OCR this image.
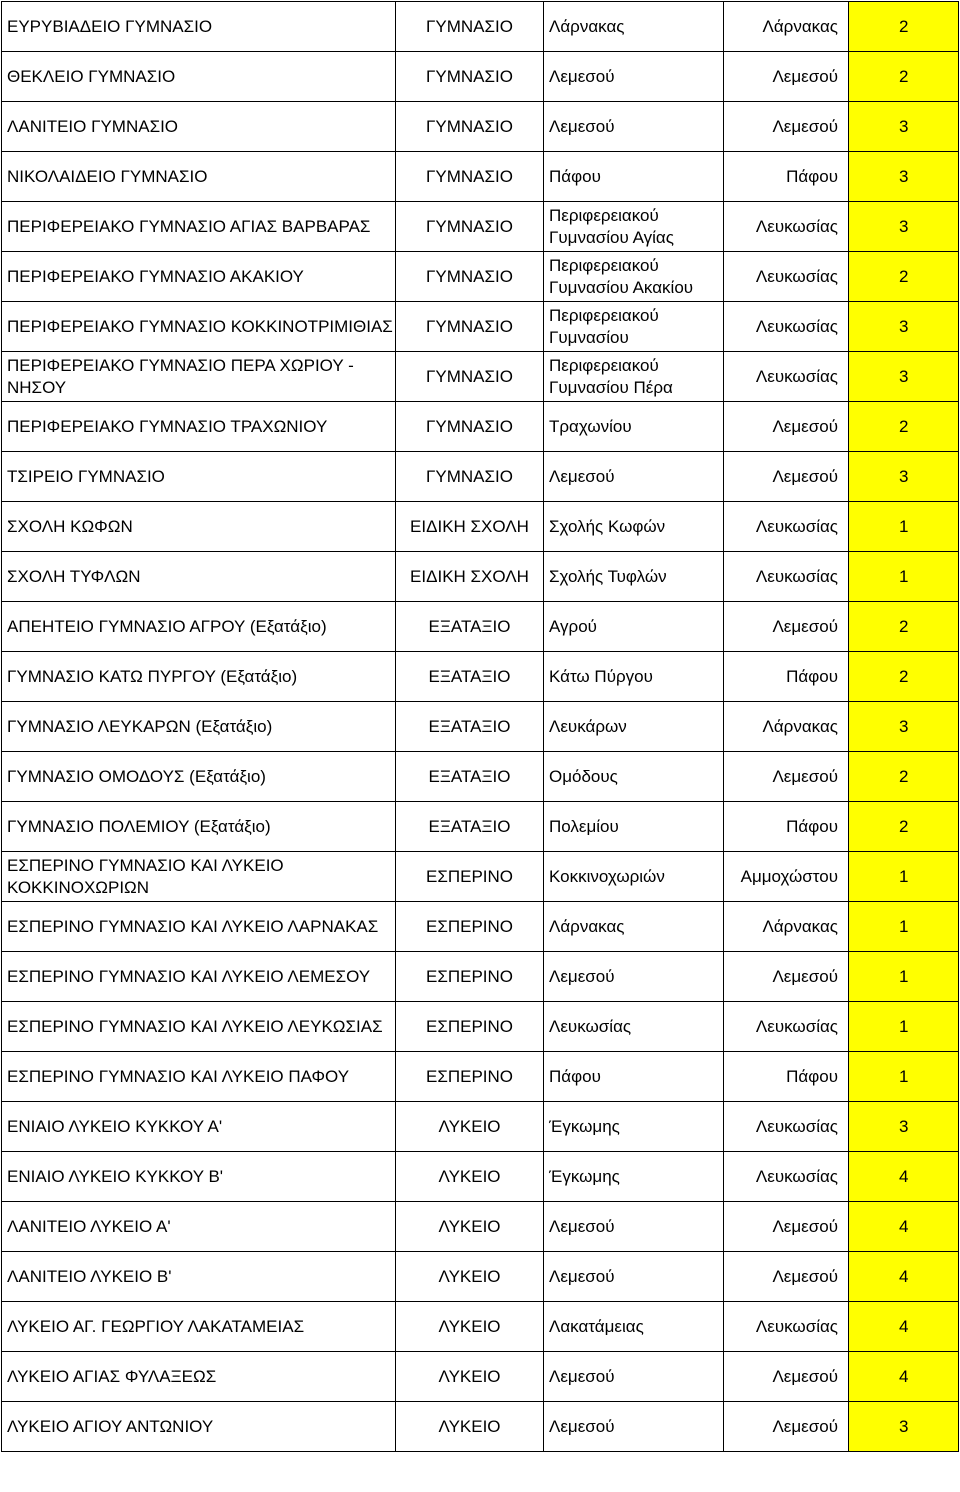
ΕΥΡΥΒΙΑΔΕΙΟ ΓΥΜΝΑΣΙΟ	ΓΥΜΝΑΣΙΟ	Λάρνακας	Λάρνακας	2
ΘΕΚΛΕΙΟ ΓΥΜΝΑΣΙΟ	ΓΥΜΝΑΣΙΟ	Λεμεσού	Λεμεσού	2
ΛΑΝΙΤΕΙΟ ΓΥΜΝΑΣΙΟ	ΓΥΜΝΑΣΙΟ	Λεμεσού	Λεμεσού	3
ΝΙΚΟΛΑΙΔΕΙΟ ΓΥΜΝΑΣΙΟ	ΓΥΜΝΑΣΙΟ	Πάφου	Πάφου	3
ΠΕΡΙΦΕΡΕΙΑΚΟ ΓΥΜΝΑΣΙΟ ΑΓΙΑΣ ΒΑΡΒΑΡΑΣ	ΓΥΜΝΑΣΙΟ	Περιφερειακού Γυμνασίου Αγίας	Λευκωσίας	3
ΠΕΡΙΦΕΡΕΙΑΚΟ ΓΥΜΝΑΣΙΟ ΑΚΑΚΙΟΥ	ΓΥΜΝΑΣΙΟ	Περιφερειακού Γυμνασίου Ακακίου	Λευκωσίας	2
ΠΕΡΙΦΕΡΕΙΑΚΟ ΓΥΜΝΑΣΙΟ ΚΟΚΚΙΝΟΤΡΙΜΙΘΙΑΣ	ΓΥΜΝΑΣΙΟ	Περιφερειακού Γυμνασίου	Λευκωσίας	3
ΠΕΡΙΦΕΡΕΙΑΚΟ ΓΥΜΝΑΣΙΟ ΠΕΡΑ ΧΩΡΙΟΥ - ΝΗΣΟΥ	ΓΥΜΝΑΣΙΟ	Περιφερειακού Γυμνασίου Πέρα	Λευκωσίας	3
ΠΕΡΙΦΕΡΕΙΑΚΟ ΓΥΜΝΑΣΙΟ ΤΡΑΧΩΝΙΟΥ	ΓΥΜΝΑΣΙΟ	Τραχωνίου	Λεμεσού	2
ΤΣΙΡΕΙΟ ΓΥΜΝΑΣΙΟ	ΓΥΜΝΑΣΙΟ	Λεμεσού	Λεμεσού	3
ΣΧΟΛΗ ΚΩΦΩΝ	ΕΙΔΙΚΗ ΣΧΟΛΗ	Σχολής Κωφών	Λευκωσίας	1
ΣΧΟΛΗ ΤΥΦΛΩΝ	ΕΙΔΙΚΗ ΣΧΟΛΗ	Σχολής Τυφλών	Λευκωσίας	1
ΑΠΕΗΤΕΙΟ ΓΥΜΝΑΣΙΟ ΑΓΡΟΥ (Εξατάξιο)	ΕΞΑΤΑΞΙΟ	Αγρού	Λεμεσού	2
ΓΥΜΝΑΣΙΟ ΚΑΤΩ ΠΥΡΓΟΥ (Εξατάξιο)	ΕΞΑΤΑΞΙΟ	Κάτω Πύργου	Πάφου	2
ΓΥΜΝΑΣΙΟ ΛΕΥΚΑΡΩΝ (Εξατάξιο)	ΕΞΑΤΑΞΙΟ	Λευκάρων	Λάρνακας	3
ΓΥΜΝΑΣΙΟ ΟΜΟΔΟΥΣ (Εξατάξιο)	ΕΞΑΤΑΞΙΟ	Ομόδους	Λεμεσού	2
ΓΥΜΝΑΣΙΟ ΠΟΛΕΜΙΟΥ (Εξατάξιο)	ΕΞΑΤΑΞΙΟ	Πολεμίου	Πάφου	2
ΕΣΠΕΡΙΝΟ ΓΥΜΝΑΣΙΟ ΚΑΙ ΛΥΚΕΙΟ ΚΟΚΚΙΝΟΧΩΡΙΩΝ	ΕΣΠΕΡΙΝΟ	Κοκκινοχωριών	Αμμοχώστου	1
ΕΣΠΕΡΙΝΟ ΓΥΜΝΑΣΙΟ ΚΑΙ ΛΥΚΕΙΟ ΛΑΡΝΑΚΑΣ	ΕΣΠΕΡΙΝΟ	Λάρνακας	Λάρνακας	1
ΕΣΠΕΡΙΝΟ ΓΥΜΝΑΣΙΟ ΚΑΙ ΛΥΚΕΙΟ ΛΕΜΕΣΟΥ	ΕΣΠΕΡΙΝΟ	Λεμεσού	Λεμεσού	1
ΕΣΠΕΡΙΝΟ ΓΥΜΝΑΣΙΟ ΚΑΙ ΛΥΚΕΙΟ ΛΕΥΚΩΣΙΑΣ	ΕΣΠΕΡΙΝΟ	Λευκωσίας	Λευκωσίας	1
ΕΣΠΕΡΙΝΟ ΓΥΜΝΑΣΙΟ ΚΑΙ ΛΥΚΕΙΟ ΠΑΦΟΥ	ΕΣΠΕΡΙΝΟ	Πάφου	Πάφου	1
ΕΝΙΑΙΟ ΛΥΚΕΙΟ ΚΥΚΚΟΥ Α'	ΛΥΚΕΙΟ	Έγκωμης	Λευκωσίας	3
ΕΝΙΑΙΟ ΛΥΚΕΙΟ ΚΥΚΚΟΥ Β'	ΛΥΚΕΙΟ	Έγκωμης	Λευκωσίας	4
ΛΑΝΙΤΕΙΟ ΛΥΚΕΙΟ Α'	ΛΥΚΕΙΟ	Λεμεσού	Λεμεσού	4
ΛΑΝΙΤΕΙΟ ΛΥΚΕΙΟ Β'	ΛΥΚΕΙΟ	Λεμεσού	Λεμεσού	4
ΛΥΚΕΙΟ ΑΓ. ΓΕΩΡΓΙΟΥ ΛΑΚΑΤΑΜΕΙΑΣ	ΛΥΚΕΙΟ	Λακατάμειας	Λευκωσίας	4
ΛΥΚΕΙΟ ΑΓΙΑΣ ΦΥΛΑΞΕΩΣ	ΛΥΚΕΙΟ	Λεμεσού	Λεμεσού	4
ΛΥΚΕΙΟ ΑΓΙΟΥ ΑΝΤΩΝΙΟΥ	ΛΥΚΕΙΟ	Λεμεσού	Λεμεσού	3
